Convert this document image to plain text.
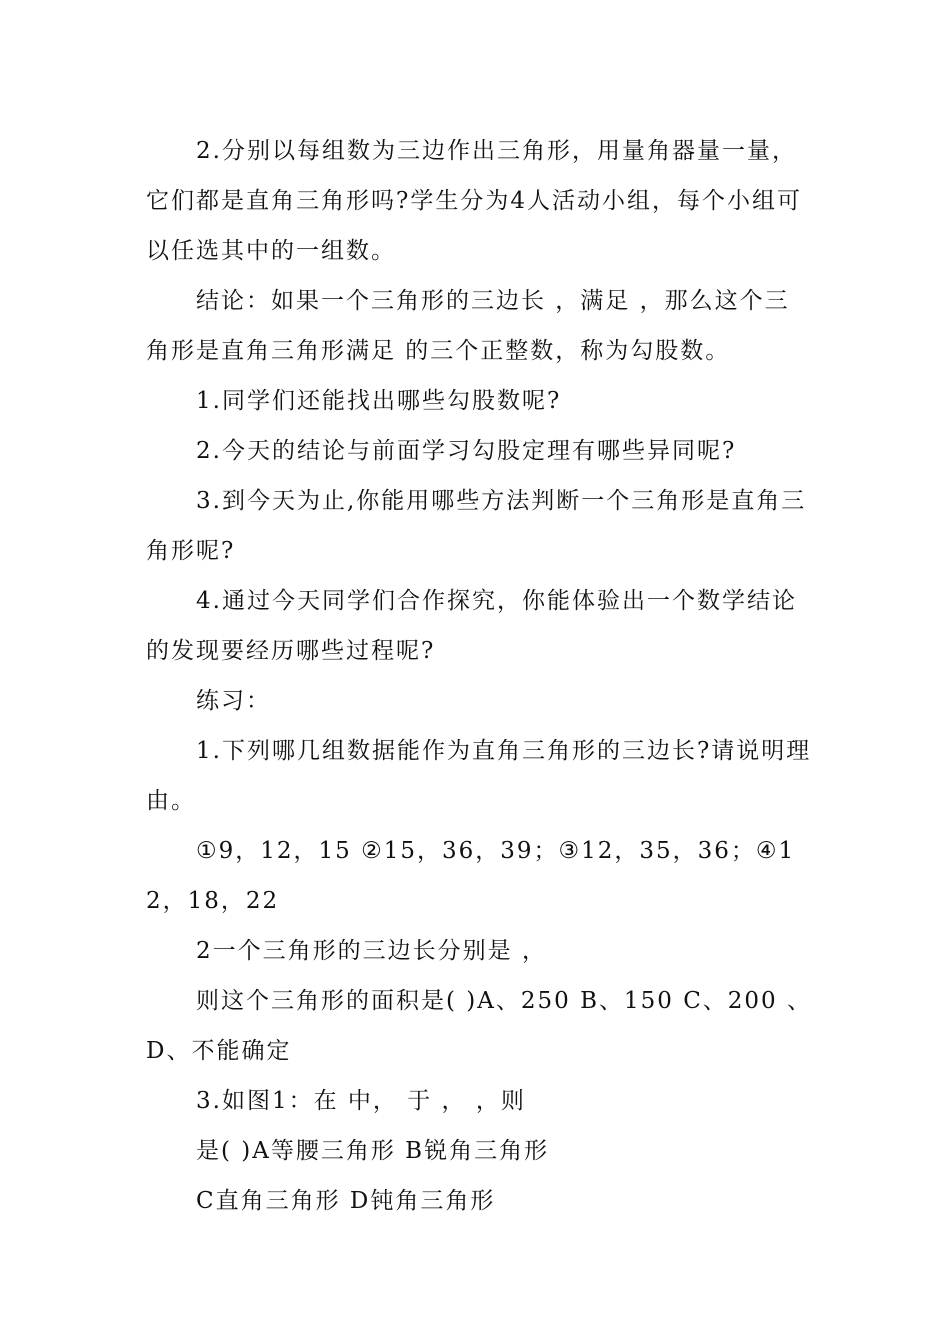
2.分别以每组数为三边作出三角形，用量角器量一量，它们都是直角三角形吗?学生分为4人活动小组，每个小组可以任选其中的一组数。

结论：如果一个三角形的三边长 ，满足 ，那么这个三角形是直角三角形满足 的三个正整数，称为勾股数。

1.同学们还能找出哪些勾股数呢?

2.今天的结论与前面学习勾股定理有哪些异同呢?

3.到今天为止,你能用哪些方法判断一个三角形是直角三角形呢?

4.通过今天同学们合作探究，你能体验出一个数学结论的发现要经历哪些过程呢?

练习：

1.下列哪几组数据能作为直角三角形的三边长?请说明理由。

①9，12，15 ②15，36，39；③12，35，36；④12，18，22

2一个三角形的三边长分别是 ，

则这个三角形的面积是( )A、250 B、150 C、200 、D、不能确定

3.如图1：在 中， 于 ， ，则

是( )A等腰三角形 B锐角三角形

C直角三角形 D钝角三角形
